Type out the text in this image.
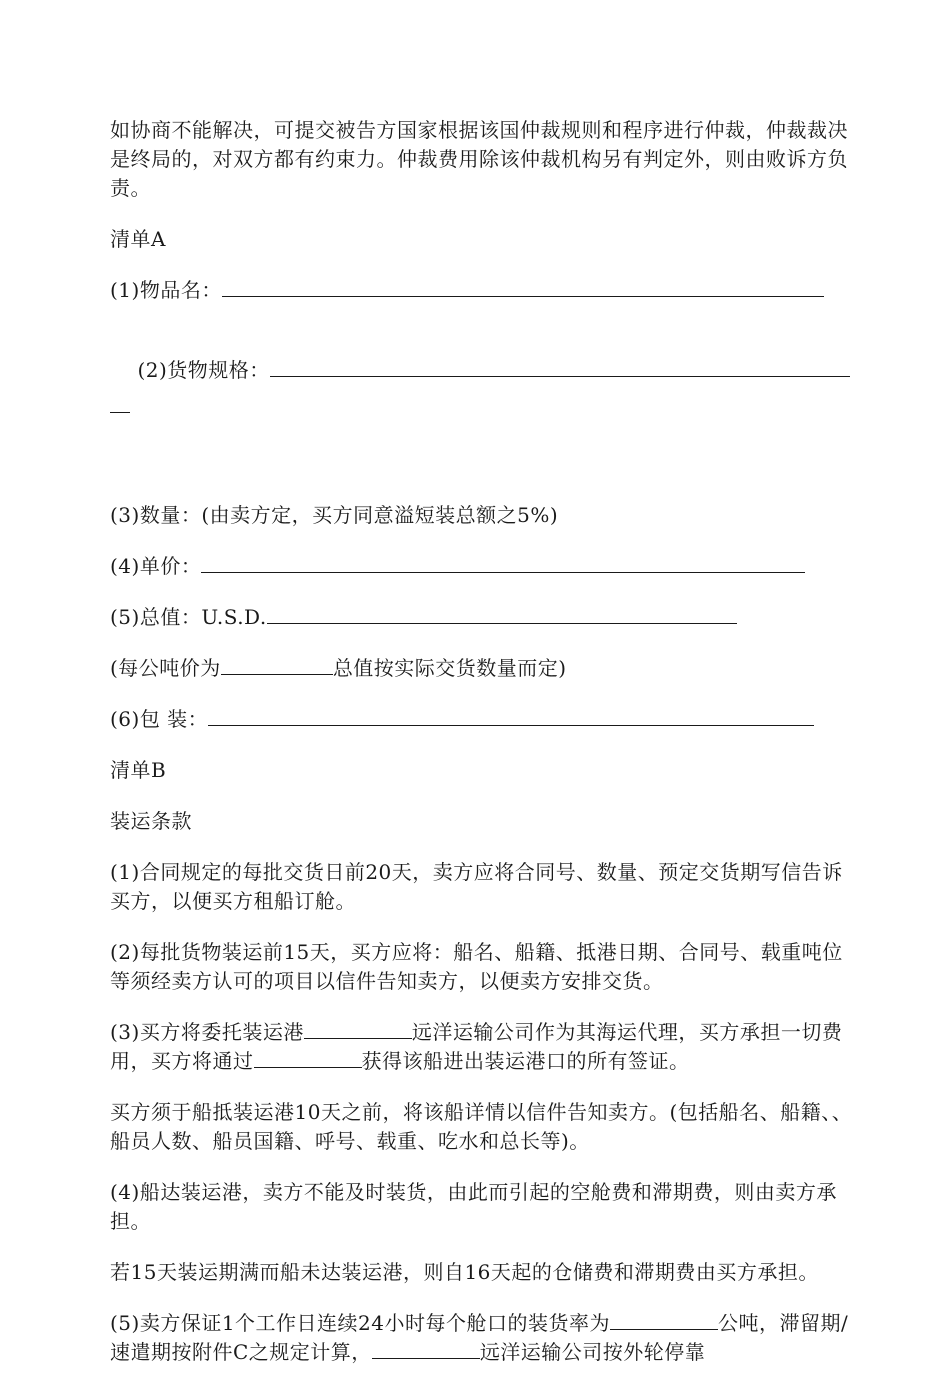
如协商不能解决，可提交被告方国家根据该国仲裁规则和程序进行仲裁，仲裁裁决是终局的，对双方都有约束力。仲裁费用除该仲裁机构另有判定外，则由败诉方负责。

清单A

(1)物品名：

(2)货物规格：

(3)数量：(由卖方定，买方同意溢短装总额之5%)

(4)单价：

(5)总值：U.S.D.

(每公吨价为	总值按实际交货数量而定)

(6)包 装：

清单B

装运条款

(1)合同规定的每批交货日前20天，卖方应将合同号、数量、预定交货期写信告诉买方，以便买方租船订舱。

(2)每批货物装运前15天，买方应将：船名、船籍、抵港日期、合同号、载重吨位等须经卖方认可的项目以信件告知卖方，以便卖方安排交货。

(3)买方将委托装运港	远洋运输公司作为其海运代理，买方承担一切费用，买方将通过	获得该船进出装运港口的所有签证。

买方须于船抵装运港10天之前，将该船详情以信件告知卖方。(包括船名、船籍、、船员人数、船员国籍、呼号、载重、吃水和总长等)。

(4)船达装运港，卖方不能及时装货，由此而引起的空舱费和滞期费，则由卖方承担。

若15天装运期满而船未达装运港，则自16天起的仓储费和滞期费由买方承担。

(5)卖方保证1个工作日连续24小时每个舱口的装货率为	公吨，滞留期/速遣期按附件C之规定计算，	远洋运输公司按外轮停靠
